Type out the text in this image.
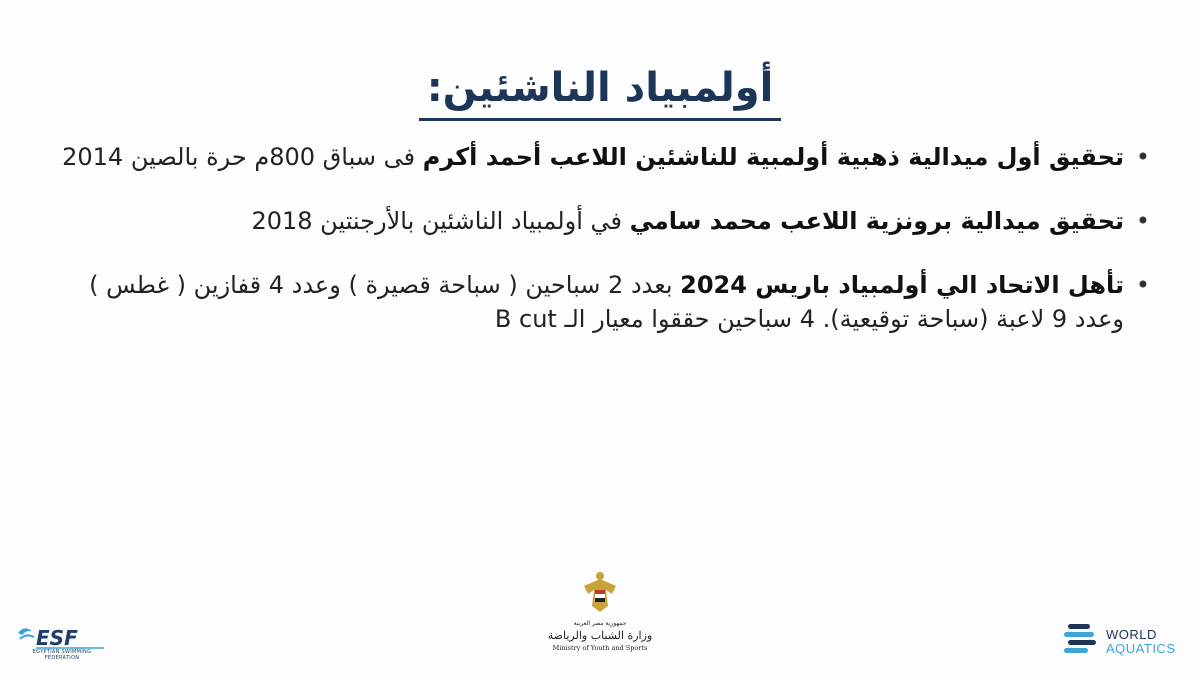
أولمبياد الناشئين:
•
تحقيق أول ميدالية ذهبية أولمبية للناشئين اللاعب أحمد أكرم فى سباق 800م حرة بالصين 2014
•
تحقيق ميدالية برونزية اللاعب محمد سامي في أولمبياد الناشئين بالأرجنتين 2018
•
تأهل الاتحاد الي أولمبياد باريس 2024 بعدد 2 سباحين ( سباحة قصيرة ) وعدد 4 قفازين ( غطس ) وعدد 9 لاعبة (سباحة توقيعية). 4 سباحين حققوا معيار الـ B cut
ESF
EGYPTIAN SWIMMING FEDERATION
جمهورية مصر العربية
وزارة الشباب والرياضة
Ministry of Youth and Sports
WORLD
AQUATICS
